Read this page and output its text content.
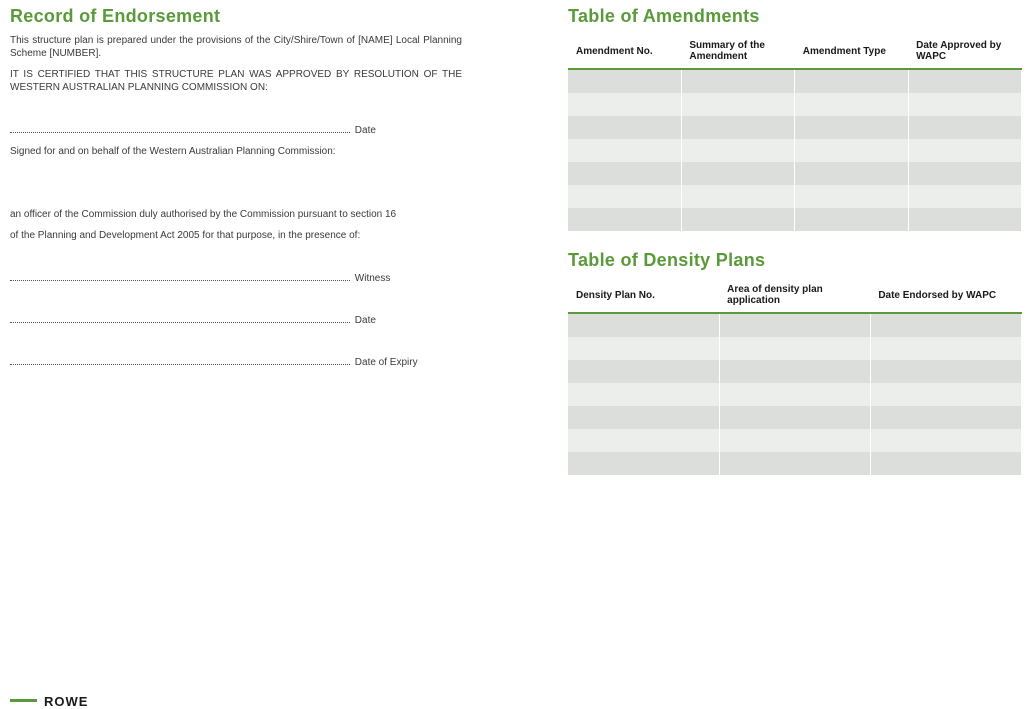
Record of Endorsement

This structure plan is prepared under the provisions of the City/Shire/Town of [NAME] Local Planning Scheme [NUMBER].

IT IS CERTIFIED THAT THIS STRUCTURE PLAN WAS APPROVED BY RESOLUTION OF THE WESTERN AUSTRALIAN PLANNING COMMISSION ON:

Date

Signed for and on behalf of the Western Australian Planning Commission:

an officer of the Commission duly authorised by the Commission pursuant to section 16

of the Planning and Development Act 2005 for that purpose, in the presence of:

Witness
Date
Date of Expiry
Table of Amendments
Amendment No.	Summary of the Amendment	Amendment Type	Date Approved by WAPC

Table of Density Plans
Density Plan No.	Area of density plan application	Date Endorsed by WAPC

ROWE
